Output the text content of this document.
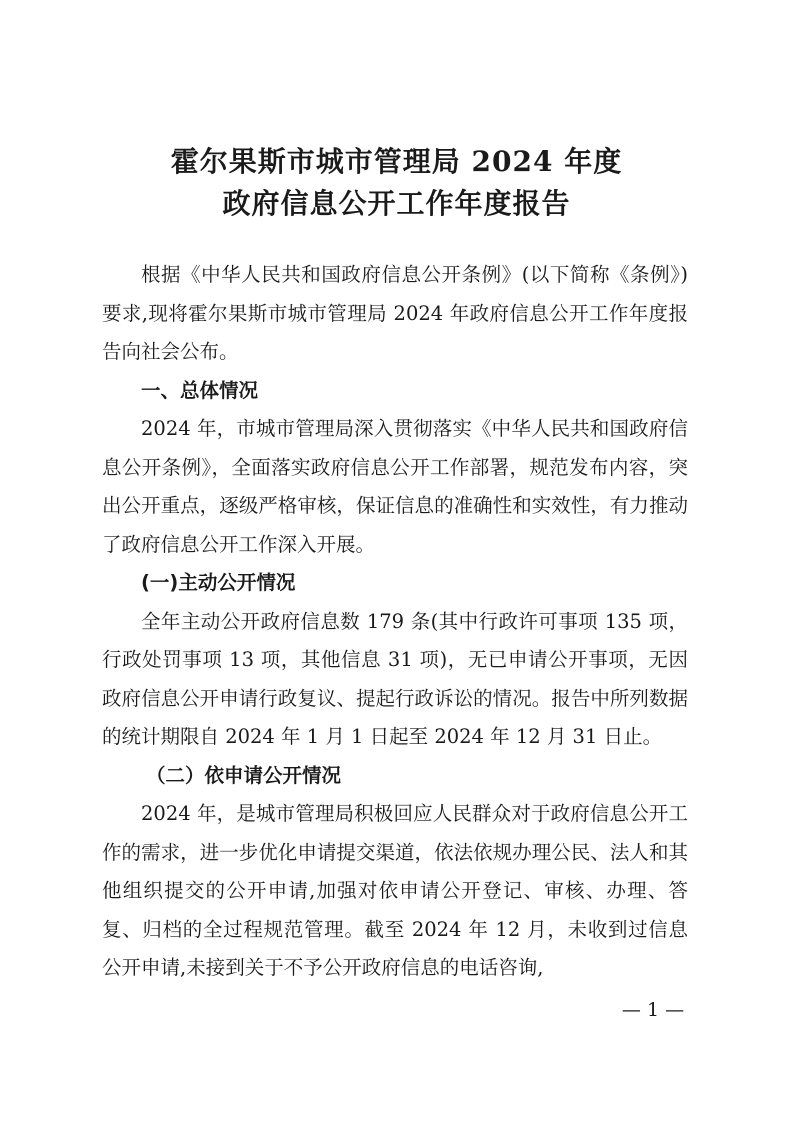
霍尔果斯市城市管理局 2024 年度
政府信息公开工作年度报告

根据《中华人民共和国政府信息公开条例》(以下简称《条例》)要求,现将霍尔果斯市城市管理局 2024 年政府信息公开工作年度报告向社会公布。

一、总体情况

2024 年，市城市管理局深入贯彻落实《中华人民共和国政府信息公开条例》，全面落实政府信息公开工作部署，规范发布内容，突出公开重点，逐级严格审核，保证信息的准确性和实效性，有力推动了政府信息公开工作深入开展。

(一)主动公开情况

全年主动公开政府信息数 179 条(其中行政许可事项 135 项，行政处罚事项 13 项，其他信息 31 项)，无已申请公开事项，无因政府信息公开申请行政复议、提起行政诉讼的情况。报告中所列数据的统计期限自 2024 年 1 月 1 日起至 2024 年 12 月 31 日止。

（二）依申请公开情况

2024 年，是城市管理局积极回应人民群众对于政府信息公开工作的需求，进一步优化申请提交渠道，依法依规办理公民、法人和其他组织提交的公开申请,加强对依申请公开登记、审核、办理、答复、归档的全过程规范管理。截至 2024 年 12 月，未收到过信息公开申请,未接到关于不予公开政府信息的电话咨询,

— 1 —
